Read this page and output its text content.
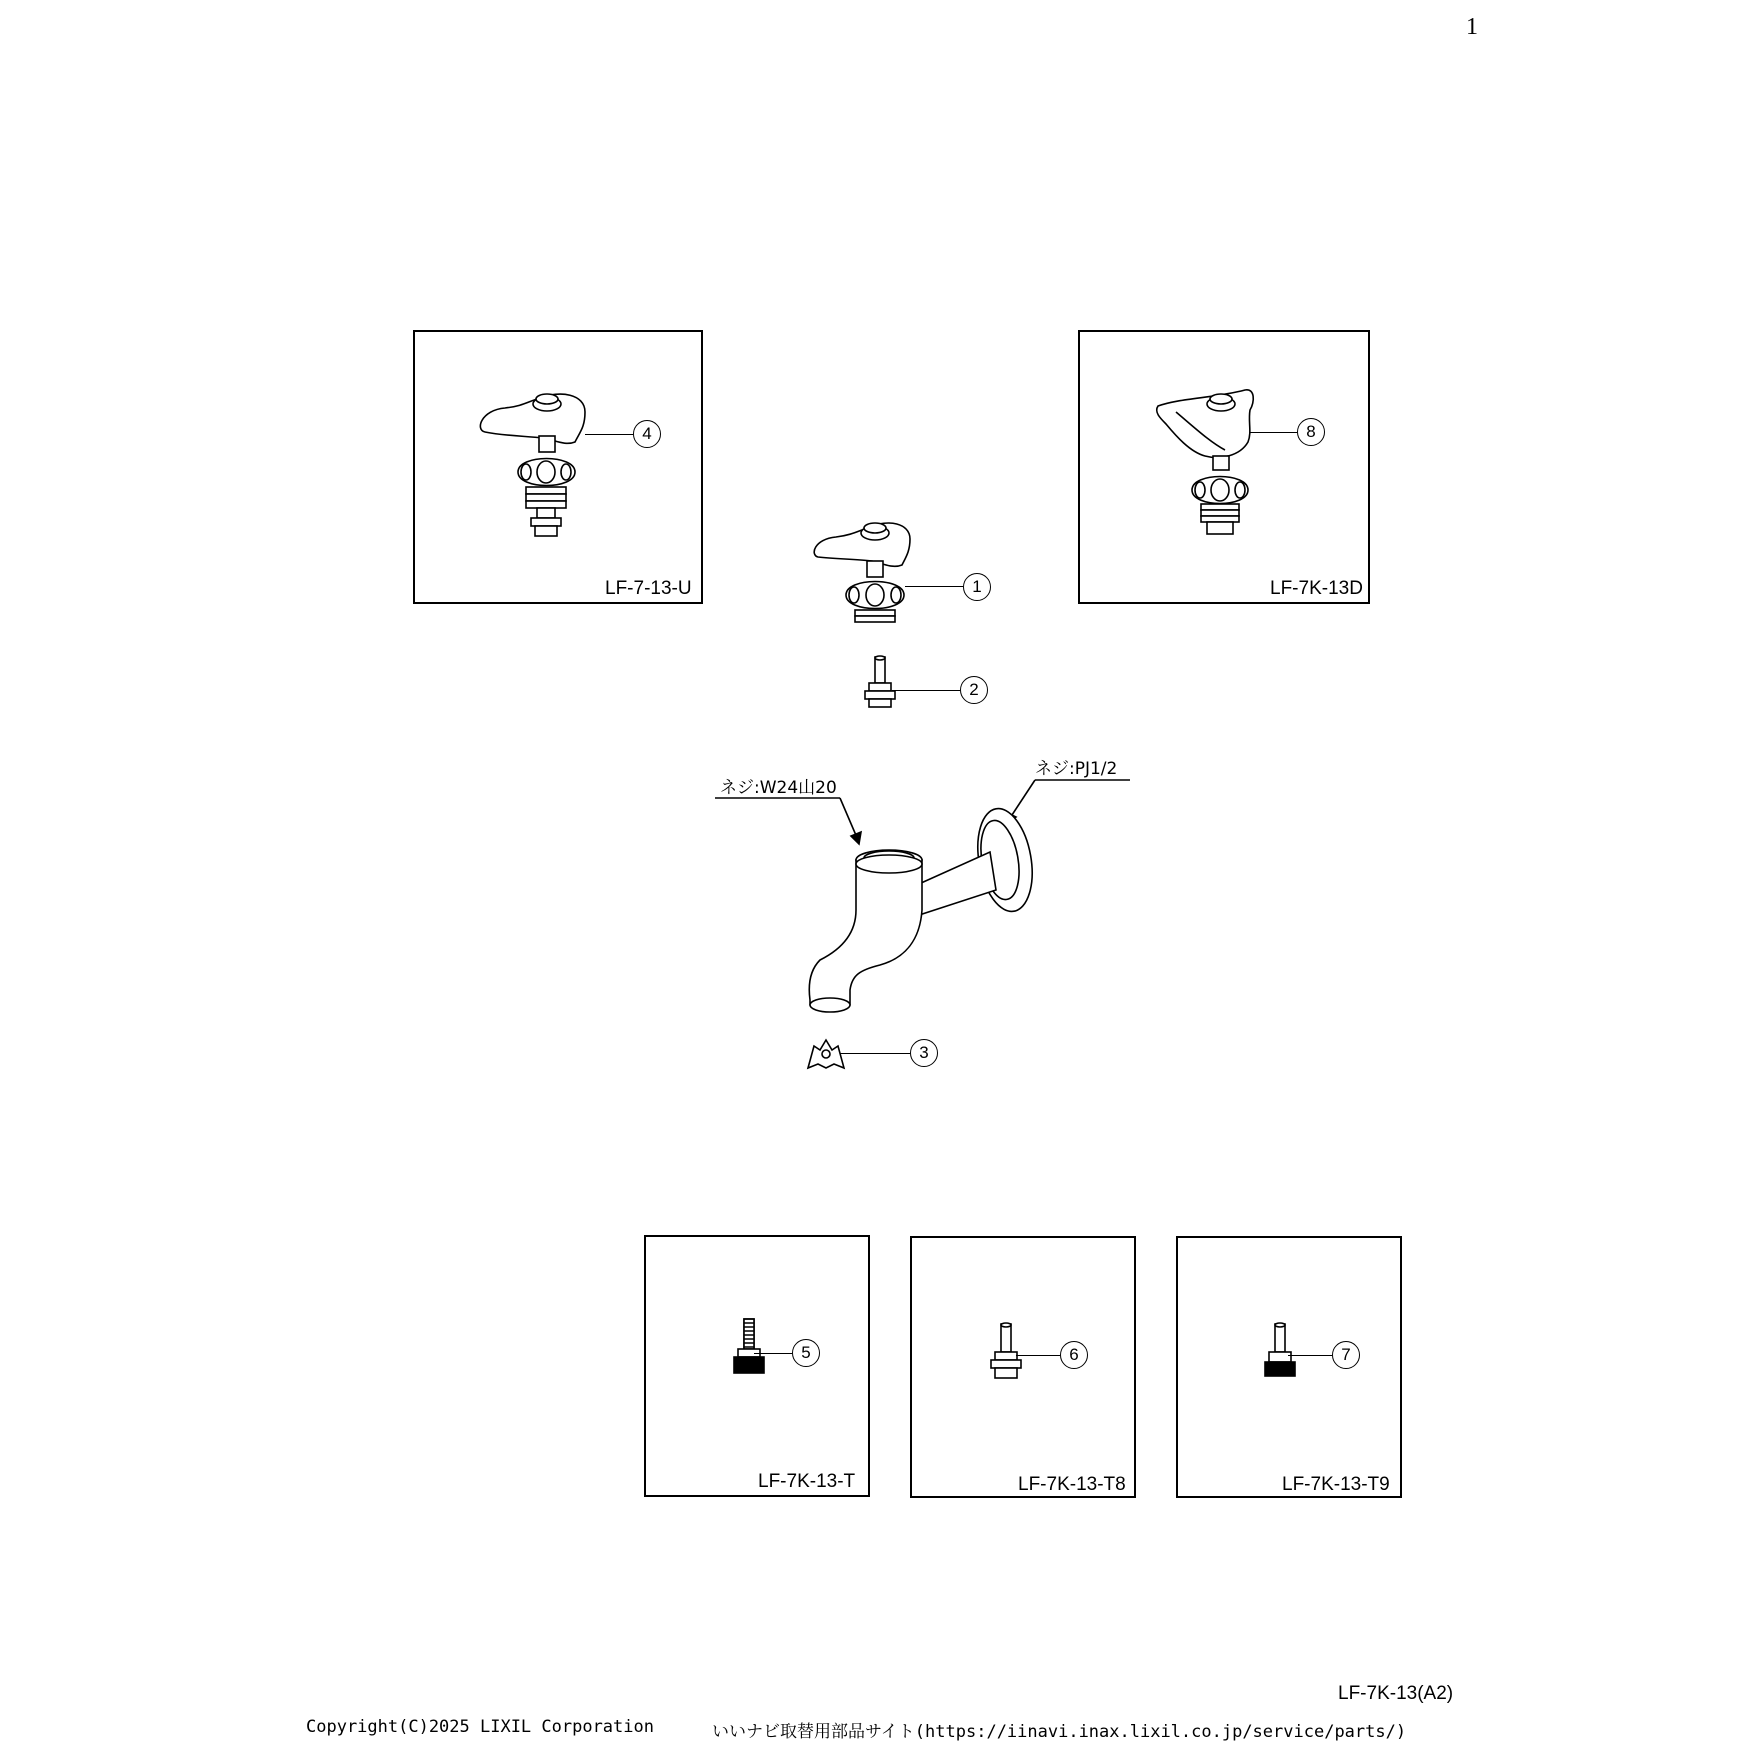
1
4
LF-7-13-U
8
LF-7K-13D
1
2
ネジ:W24山20
ネジ:PJ1/2
3
5
LF-7K-13-T
6
LF-7K-13-T8
7
LF-7K-13-T9
LF-7K-13(A2)
Copyright(C)2025 LIXIL Corporation	いいナビ取替用部品サイト(https://iinavi.inax.lixil.co.jp/service/parts/)
